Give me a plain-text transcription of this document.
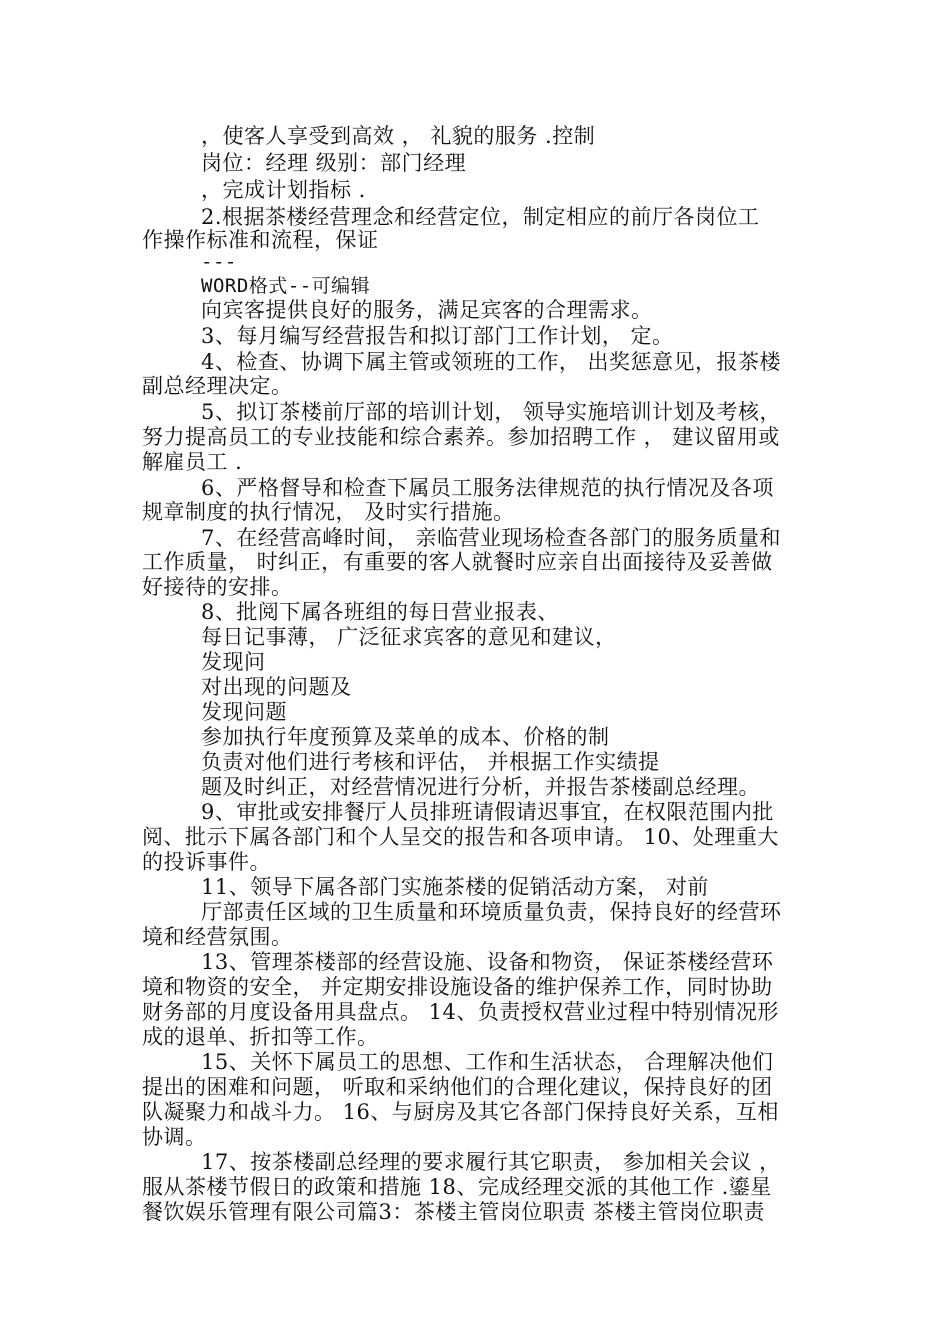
，使客人享受到高效 ， 礼貌的服务 .控制
岗位：经理 级别：部门经理
，完成计划指标 .
2.根据茶楼经营理念和经营定位，制定相应的前厅各岗位工
作操作标准和流程，保证
---
WORD格式--可编辑
向宾客提供良好的服务，满足宾客的合理需求。
3、每月编写经营报告和拟订部门工作计划， 定。
4、检查、协调下属主管或领班的工作， 出奖惩意见，报茶楼
副总经理决定。
5、拟订茶楼前厅部的培训计划， 领导实施培训计划及考核，
努力提高员工的专业技能和综合素养。参加招聘工作 ， 建议留用或
解雇员工 .
6、严格督导和检查下属员工服务法律规范的执行情况及各项
规章制度的执行情况， 及时实行措施。
7、在经营高峰时间， 亲临营业现场检查各部门的服务质量和
工作质量， 时纠正，有重要的客人就餐时应亲自出面接待及妥善做
好接待的安排。
8、批阅下属各班组的每日营业报表、
每日记事薄， 广泛征求宾客的意见和建议，
发现问
对出现的问题及
发现问题
参加执行年度预算及菜单的成本、价格的制
负责对他们进行考核和评估， 并根据工作实绩提
题及时纠正，对经营情况进行分析，并报告茶楼副总经理。
9、审批或安排餐厅人员排班请假请迟事宜，在权限范围内批
阅、批示下属各部门和个人呈交的报告和各项申请。 10、处理重大
的投诉事件。
11、领导下属各部门实施茶楼的促销活动方案， 对前
厅部责任区域的卫生质量和环境质量负责，保持良好的经营环
境和经营氛围。
13、管理茶楼部的经营设施、设备和物资， 保证茶楼经营环
境和物资的安全， 并定期安排设施设备的维护保养工作，同时协助
财务部的月度设备用具盘点。 14、负责授权营业过程中特别情况形
成的退单、折扣等工作。
15、关怀下属员工的思想、工作和生活状态， 合理解决他们
提出的困难和问题， 听取和采纳他们的合理化建议，保持良好的团
队凝聚力和战斗力。 16、与厨房及其它各部门保持良好关系，互相
协调。
17、按茶楼副总经理的要求履行其它职责， 参加相关会议 ，
服从茶楼节假日的政策和措施 18、完成经理交派的其他工作 .鎏星
餐饮娱乐管理有限公司篇3：茶楼主管岗位职责 茶楼主管岗位职责
